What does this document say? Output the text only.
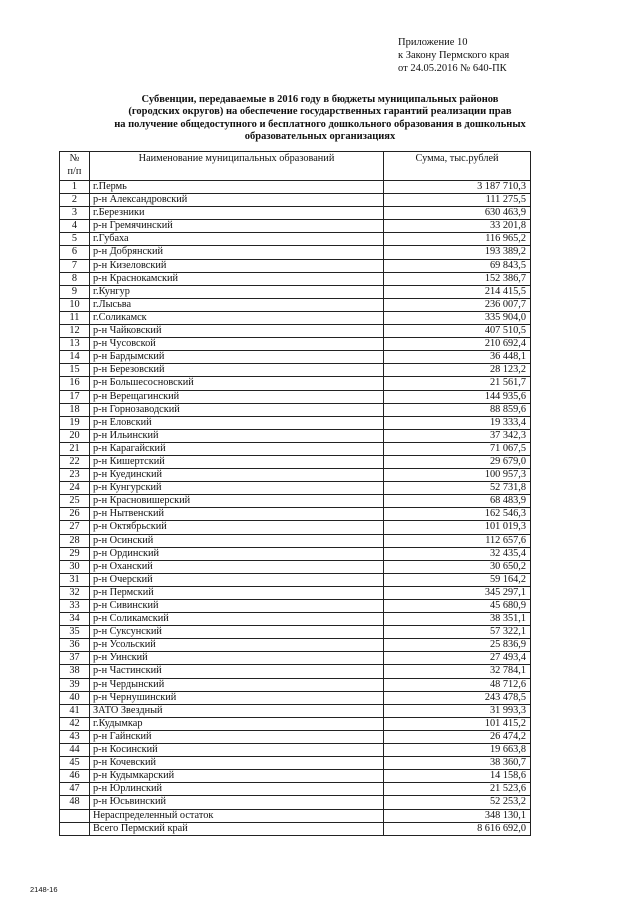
Приложение 10
к Закону Пермского края
от 24.05.2016 № 640-ПК
Субвенции, передаваемые в 2016 году в бюджеты муниципальных районов
(городских округов) на обеспечение государственных гарантий реализации прав
на получение общедоступного и бесплатного дошкольного образования в дошкольных
образовательных организациях
№
п/п	Наименование муниципальных образований	Сумма, тыс.рублей
1	г.Пермь	3 187 710,3
2	р-н Александровский	111 275,5
3	г.Березники	630 463,9
4	р-н Гремячинский	33 201,8
5	г.Губаха	116 965,2
6	р-н Добрянский	193 389,2
7	р-н Кизеловский	69 843,5
8	р-н Краснокамский	152 386,7
9	г.Кунгур	214 415,5
10	г.Лысьва	236 007,7
11	г.Соликамск	335 904,0
12	р-н Чайковский	407 510,5
13	р-н Чусовской	210 692,4
14	р-н Бардымский	36 448,1
15	р-н Березовский	28 123,2
16	р-н Большесосновский	21 561,7
17	р-н Верещагинский	144 935,6
18	р-н Горнозаводский	88 859,6
19	р-н Еловский	19 333,4
20	р-н Ильинский	37 342,3
21	р-н Карагайский	71 067,5
22	р-н Кишертский	29 679,0
23	р-н Куединский	100 957,3
24	р-н Кунгурский	52 731,8
25	р-н Красновишерский	68 483,9
26	р-н Нытвенский	162 546,3
27	р-н Октябрьский	101 019,3
28	р-н Осинский	112 657,6
29	р-н Ординский	32 435,4
30	р-н Оханский	30 650,2
31	р-н Очерский	59 164,2
32	р-н Пермский	345 297,1
33	р-н Сивинский	45 680,9
34	р-н Соликамский	38 351,1
35	р-н Суксунский	57 322,1
36	р-н Усольский	25 836,9
37	р-н Уинский	27 493,4
38	р-н Частинский	32 784,1
39	р-н Чердынский	48 712,6
40	р-н Чернушинский	243 478,5
41	ЗАТО Звездный	31 993,3
42	г.Кудымкар	101 415,2
43	р-н Гайнский	26 474,2
44	р-н Косинский	19 663,8
45	р-н Кочевский	38 360,7
46	р-н Кудымкарский	14 158,6
47	р-н Юрлинский	21 523,6
48	р-н Юсьвинский	52 253,2
	Нераспределенный остаток	348 130,1
	Всего Пермский край	8 616 692,0
2148-16
